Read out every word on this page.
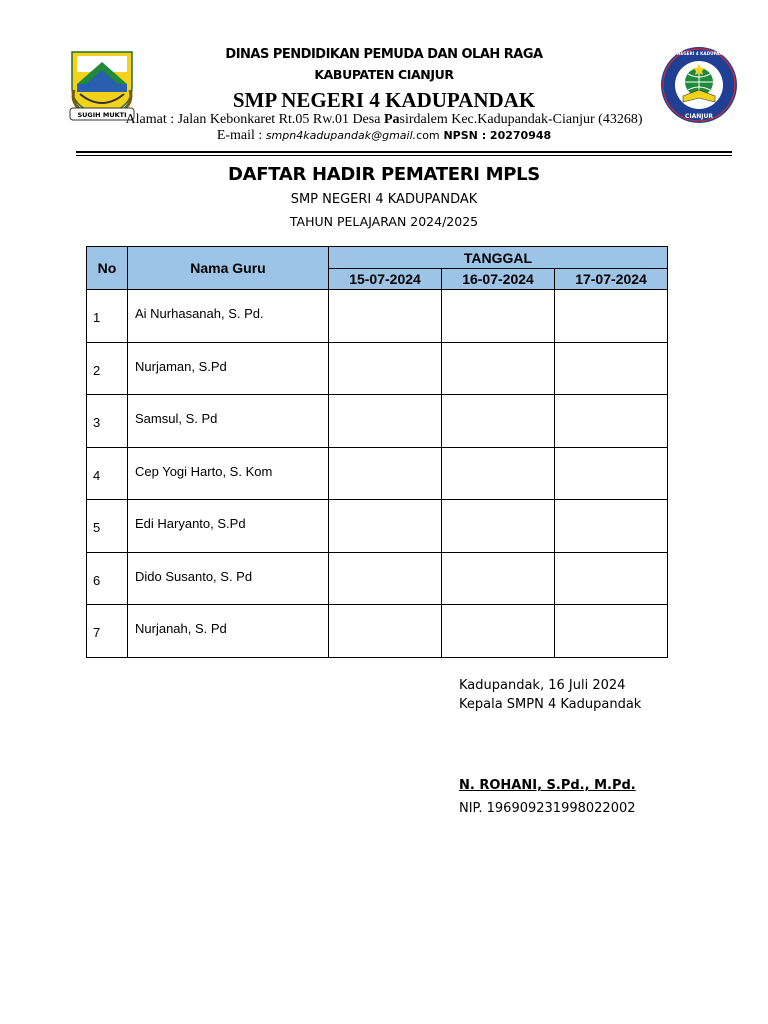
SUGIH MUKTI	CIANJUR
SMP NEGERI 4 KADUPANDAK
DINAS PENDIDIKAN PEMUDA DAN OLAH RAGA
KABUPATEN CIANJUR
SMP NEGERI 4 KADUPANDAK
Alamat : Jalan Kebonkaret Rt.05 Rw.01 Desa Pasirdalem Kec.Kadupandak-Cianjur (43268)
E-mail : smpn4kadupandak@gmail.com NPSN : 20270948
DAFTAR HADIR PEMATERI MPLS
SMP NEGERI 4 KADUPANDAK
TAHUN PELAJARAN 2024/2025
No	Nama Guru	TANGGAL		
		15-07-2024	16-07-2024	17-07-2024
1	Ai Nurhasanah, S. Pd.			
2	Nurjaman, S.Pd			
3	Samsul, S. Pd			
4	Cep Yogi Harto, S. Kom			
5	Edi Haryanto, S.Pd			
6	Dido Susanto, S. Pd			
7	Nurjanah, S. Pd			
Kadupandak, 16 Juli 2024
Kepala SMPN 4 Kadupandak
N. ROHANI, S.Pd., M.Pd.
NIP. 196909231998022002
